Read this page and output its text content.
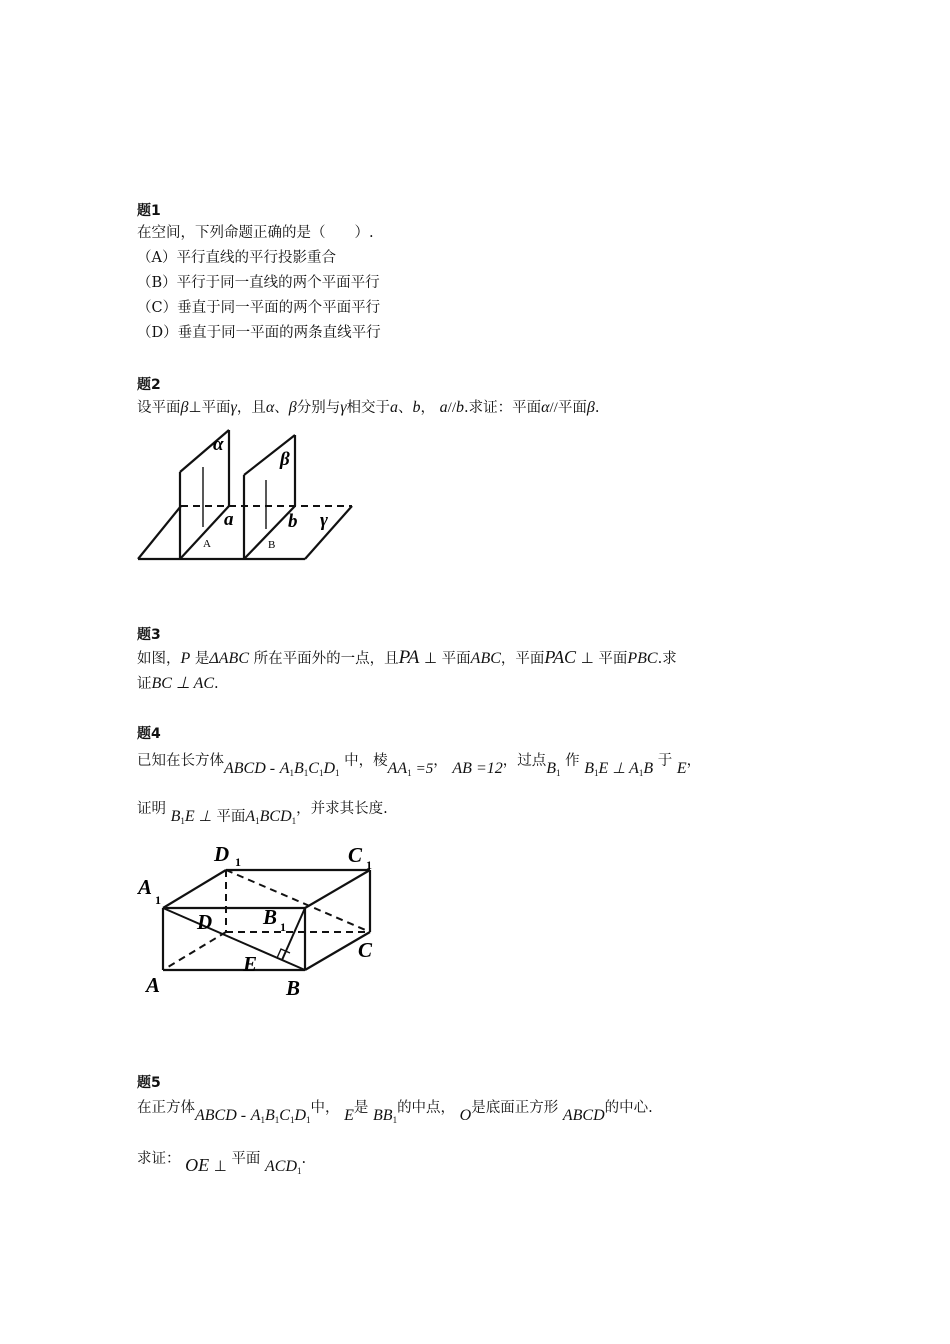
题1
在空间，下列命题正确的是（　　）.
（A）平行直线的平行投影重合
（B）平行于同一直线的两个平面平行
（C）垂直于同一平面的两个平面平行
（D）垂直于同一平面的两条直线平行
题2
设平面β⊥平面γ，且α、β分别与γ相交于a、b， a//b.求证：平面α//平面β.
α
β
a	b γ
A	B
题3
如图，P 是ΔABC 所在平面外的一点，且PA ⊥ 平面ABC，平面PAC ⊥ 平面PBC.求
证BC ⊥ AC.
题4
已知在长方体ABCD - $A_1B_1C_1D_1$ 中，棱$AA_1 =5$， AB =12，过点$B_1$ 作 $B_1E$ ⊥ $A_1B$ 于 E，
证明 $B_1E$ ⊥ 平面$A_1BCD_1$，并求其长度.
D 1	C 1
A
1
B 1
D
C
A	B
E
题5
在正方体ABCD - $A_1B_1C_1D_1$中， E是 $BB_1$的中点， O是底面正方形 ABCD的中心.
求证： OE ⊥ 平面 $ACD_1$.
